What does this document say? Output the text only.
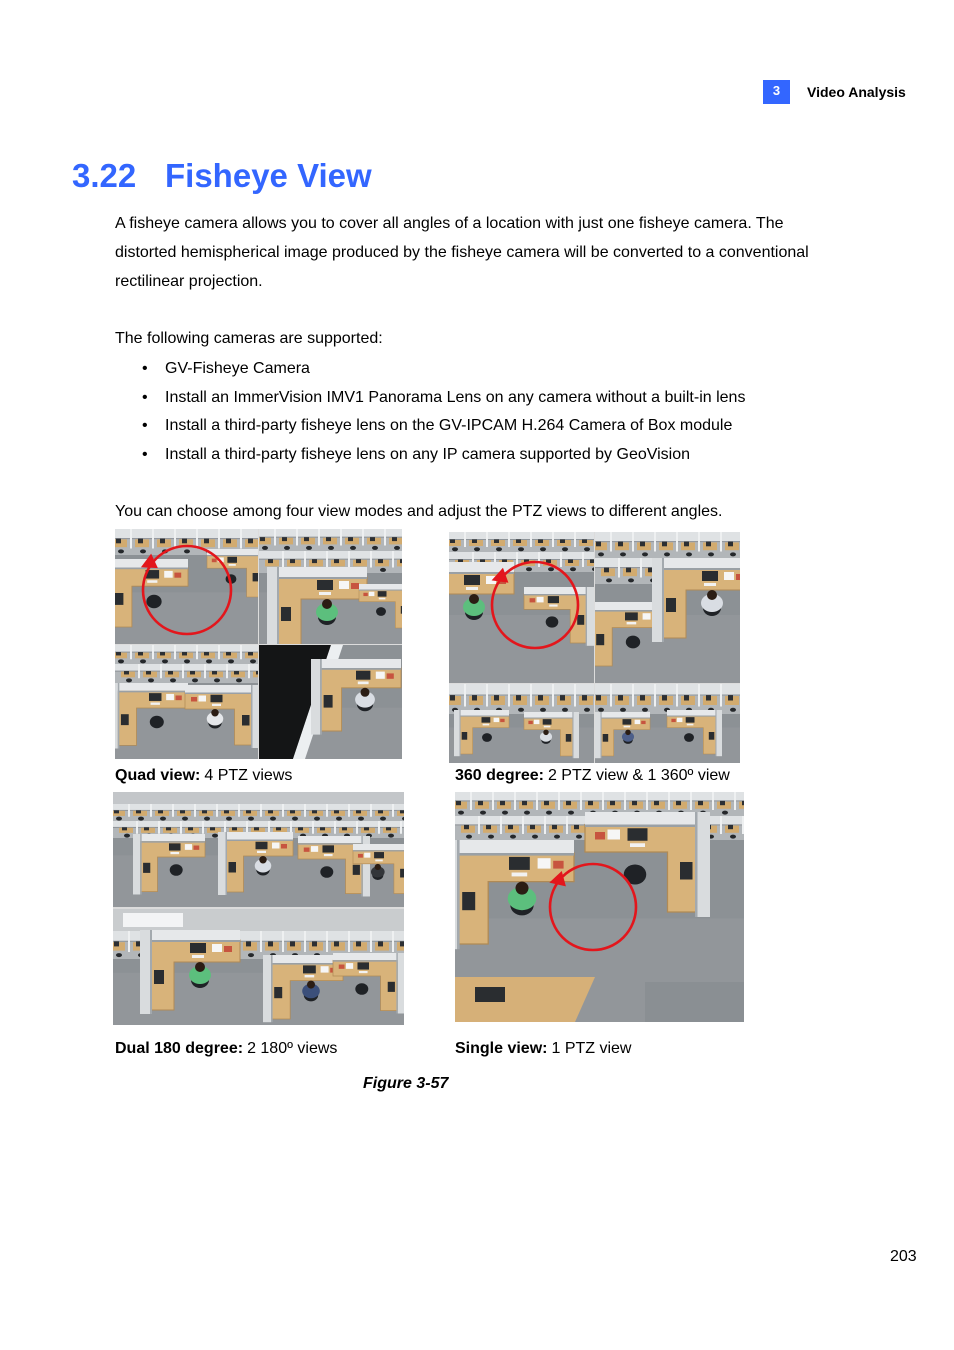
3	Video Analysis
3.22 Fisheye View
A fisheye camera allows you to cover all angles of a location with just one fisheye camera. The
distorted hemispherical image produced by the fisheye camera will be converted to a conventional
rectilinear projection.
The following cameras are supported:
• GV-Fisheye Camera
• Install an ImmerVision IMV1 Panorama Lens on any camera without a built-in lens
• Install a third-party fisheye lens on the GV-IPCAM H.264 Camera of Box module
• Install a third-party fisheye lens on any IP camera supported by GeoVision
You can choose among four view modes and adjust the PTZ views to different angles.
Quad view: 4 PTZ views	360 degree: 2 PTZ view & 1 360º view
Dual 180 degree: 2 180º views	Single view: 1 PTZ view
Figure 3-57
203
